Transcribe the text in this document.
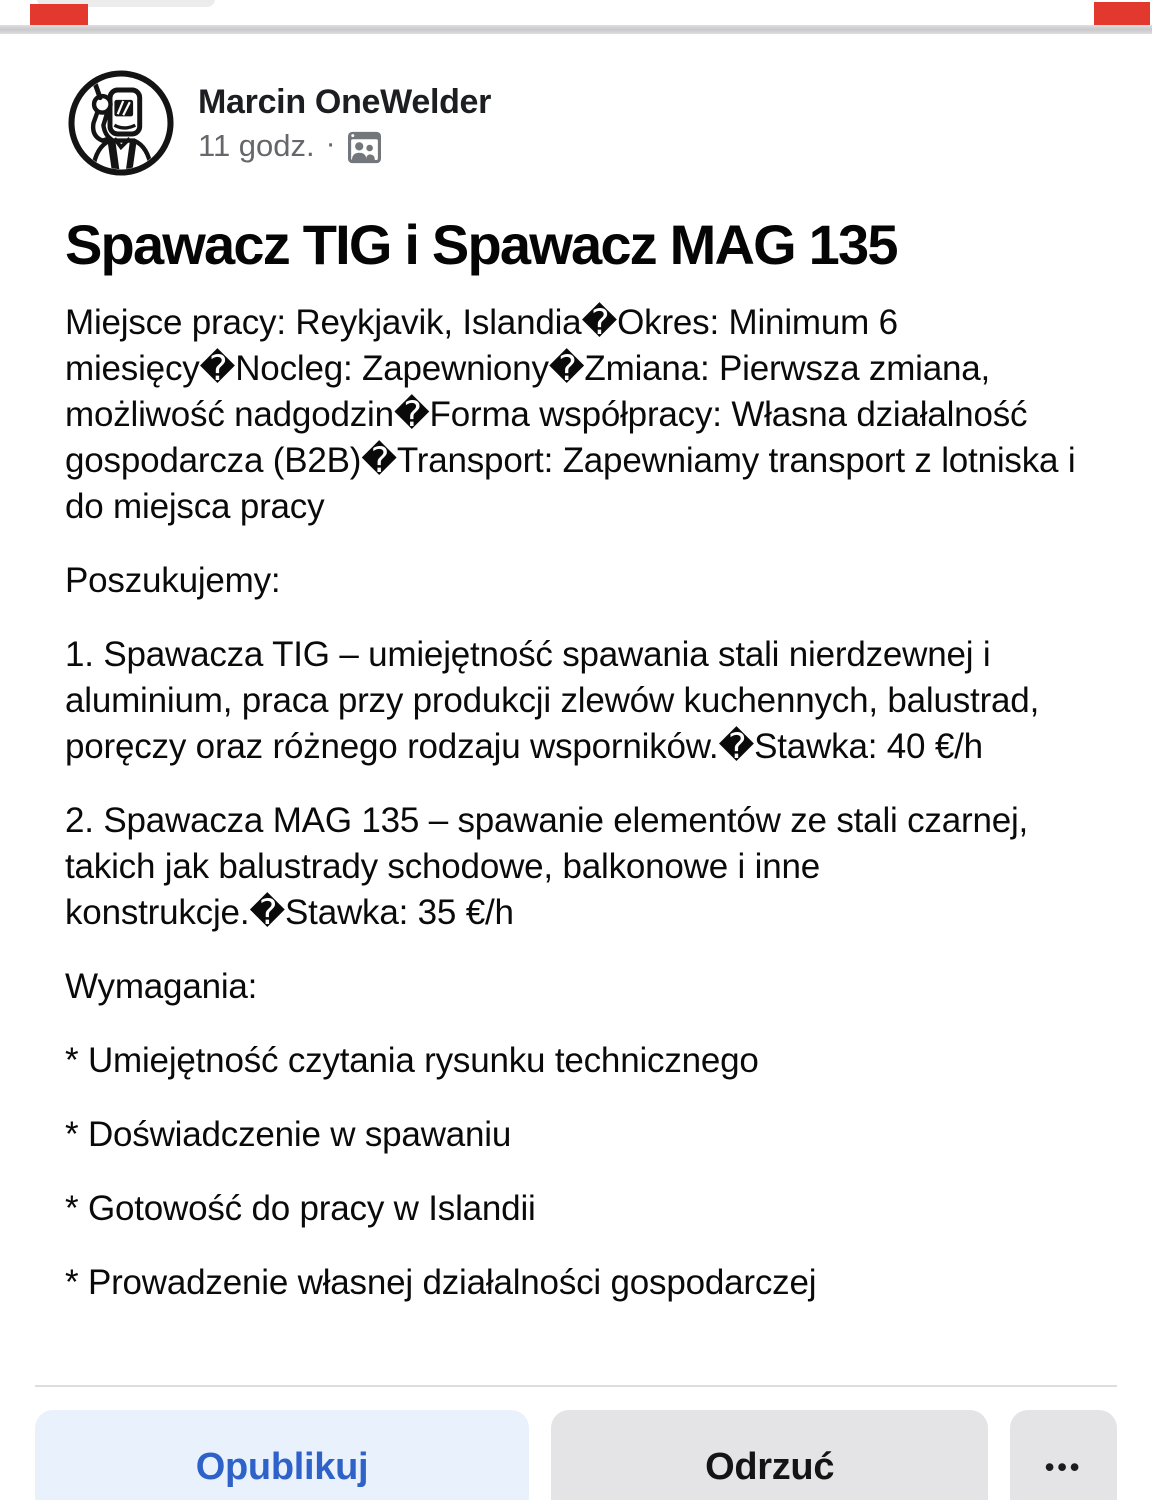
Marcin OneWelder
11 godz. ·
Spawacz TIG i Spawacz MAG 135

Miejsce pracy: Reykjavik, Islandia�Okres: Minimum 6 miesięcy�Nocleg: Zapewniony�Zmiana: Pierwsza zmiana, możliwość nadgodzin�Forma współpracy: Własna działalność gospodarcza (B2B)�Transport: Zapewniamy transport z lotniska i do miejsca pracy

Poszukujemy:

1. Spawacza TIG – umiejętność spawania stali nierdzewnej i aluminium, praca przy produkcji zlewów kuchennych, balustrad, poręczy oraz różnego rodzaju wsporników.�Stawka: 40 €/h

2. Spawacza MAG 135 – spawanie elementów ze stali czarnej, takich jak balustrady schodowe, balkonowe i inne konstrukcje.�Stawka: 35 €/h

Wymagania:

* Umiejętność czytania rysunku technicznego

* Doświadczenie w spawaniu

* Gotowość do pracy w Islandii

* Prowadzenie własnej działalności gospodarczej

Opublikuj	Odrzuć	•••
